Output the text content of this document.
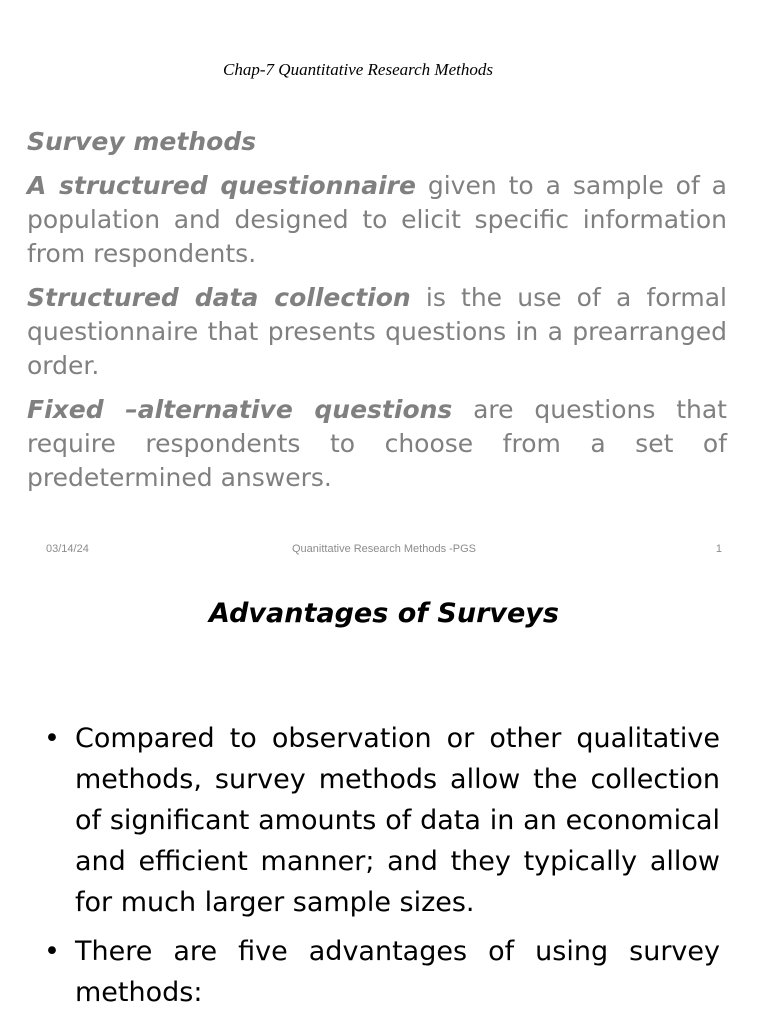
Chap-7 Quantitative Research Methods
Survey methods
A structured questionnaire given to a sample of a population and designed to elicit specific information from respondents.
Structured data collection is the use of a formal questionnaire that presents questions in a prearranged order.
Fixed –alternative questions are questions that require respondents to choose from a set of predetermined answers.
03/14/24	Quanittative Research Methods -PGS	1
Advantages of Surveys
• Compared to observation or other qualitative methods, survey methods allow the collection of significant amounts of data in an economical and efficient manner; and they typically allow for much larger sample sizes.
• There are five advantages of using survey methods:
